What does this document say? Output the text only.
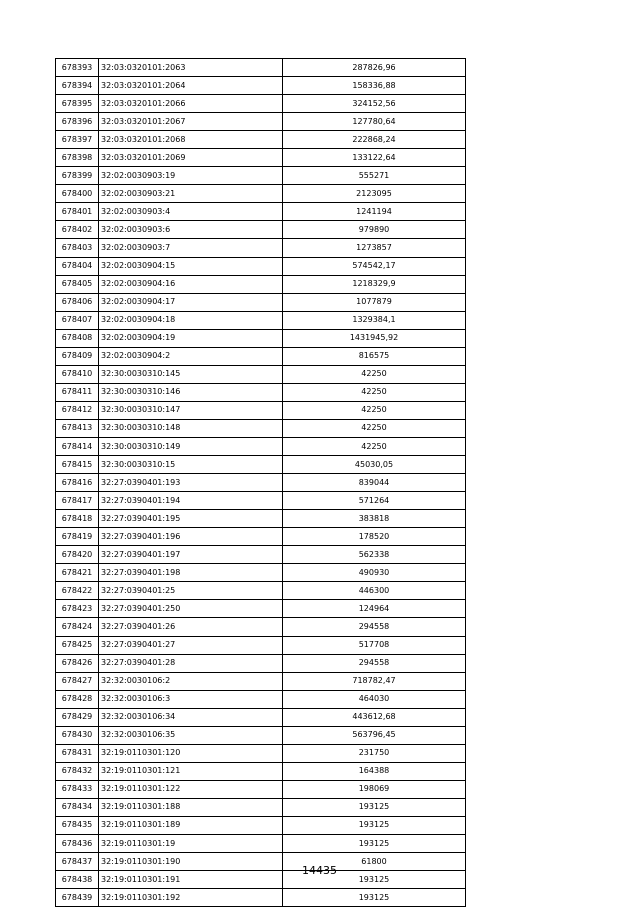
678393	32:03:0320101:2063	287826,96
678394	32:03:0320101:2064	158336,88
678395	32:03:0320101:2066	324152,56
678396	32:03:0320101:2067	127780,64
678397	32:03:0320101:2068	222868,24
678398	32:03:0320101:2069	133122,64
678399	32:02:0030903:19	555271
678400	32:02:0030903:21	2123095
678401	32:02:0030903:4	1241194
678402	32:02:0030903:6	979890
678403	32:02:0030903:7	1273857
678404	32:02:0030904:15	574542,17
678405	32:02:0030904:16	1218329,9
678406	32:02:0030904:17	1077879
678407	32:02:0030904:18	1329384,1
678408	32:02:0030904:19	1431945,92
678409	32:02:0030904:2	816575
678410	32:30:0030310:145	42250
678411	32:30:0030310:146	42250
678412	32:30:0030310:147	42250
678413	32:30:0030310:148	42250
678414	32:30:0030310:149	42250
678415	32:30:0030310:15	45030,05
678416	32:27:0390401:193	839044
678417	32:27:0390401:194	571264
678418	32:27:0390401:195	383818
678419	32:27:0390401:196	178520
678420	32:27:0390401:197	562338
678421	32:27:0390401:198	490930
678422	32:27:0390401:25	446300
678423	32:27:0390401:250	124964
678424	32:27:0390401:26	294558
678425	32:27:0390401:27	517708
678426	32:27:0390401:28	294558
678427	32:32:0030106:2	718782,47
678428	32:32:0030106:3	464030
678429	32:32:0030106:34	443612,68
678430	32:32:0030106:35	563796,45
678431	32:19:0110301:120	231750
678432	32:19:0110301:121	164388
678433	32:19:0110301:122	198069
678434	32:19:0110301:188	193125
678435	32:19:0110301:189	193125
678436	32:19:0110301:19	193125
678437	32:19:0110301:190	61800
678438	32:19:0110301:191	193125
678439	32:19:0110301:192	193125
14435
